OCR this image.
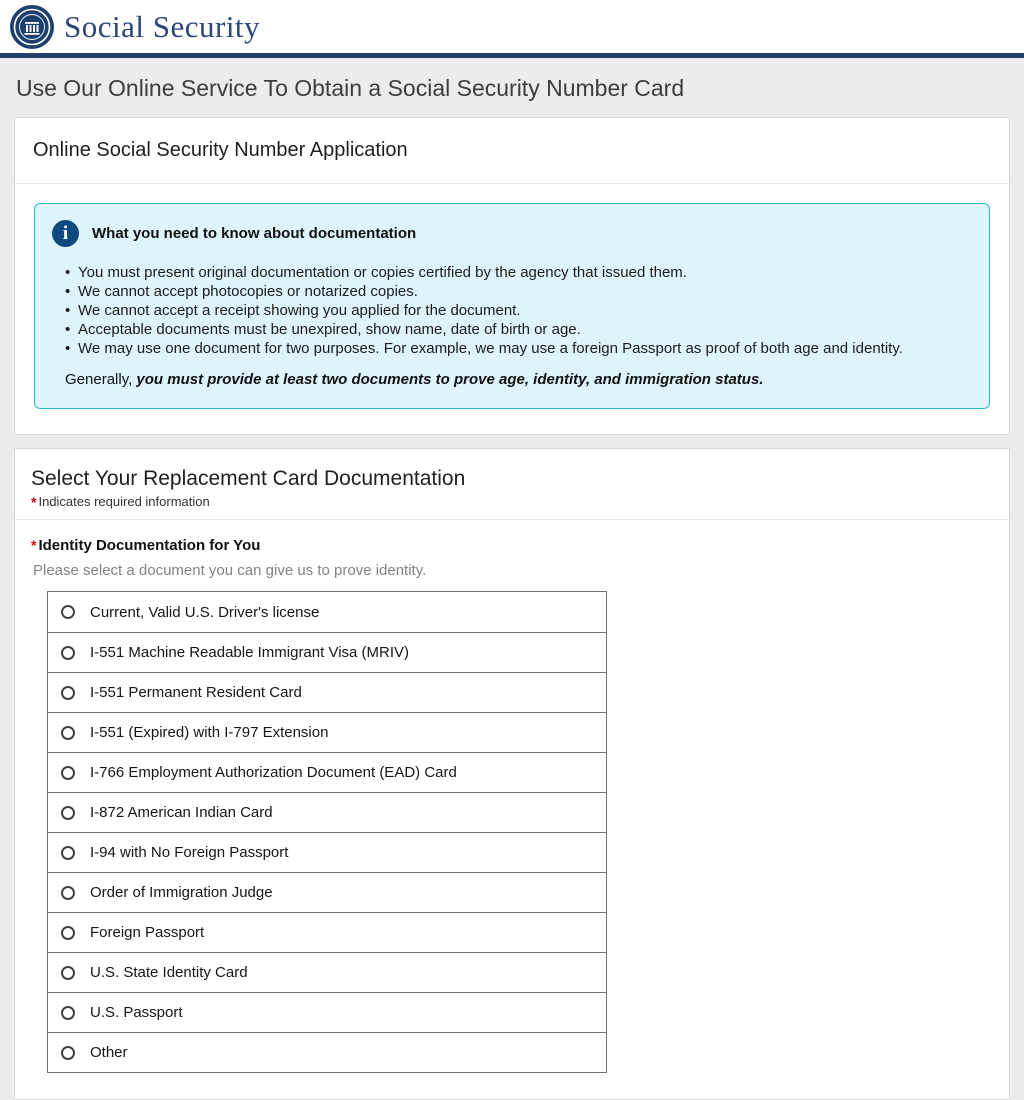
Social Security
Use Our Online Service To Obtain a Social Security Number Card
Online Social Security Number Application
i	What you need to know about documentation
• You must present original documentation or copies certified by the agency that issued them.
• We cannot accept photocopies or notarized copies.
• We cannot accept a receipt showing you applied for the document.
• Acceptable documents must be unexpired, show name, date of birth or age.
• We may use one document for two purposes. For example, we may use a foreign Passport as proof of both age and identity.

Generally, you must provide at least two documents to prove age, identity, and immigration status.

Select Your Replacement Card Documentation
* Indicates required information
* Identity Documentation for You
Please select a document you can give us to prove identity.
Current, Valid U.S. Driver's license
I-551 Machine Readable Immigrant Visa (MRIV)
I-551 Permanent Resident Card
I-551 (Expired) with I-797 Extension
I-766 Employment Authorization Document (EAD) Card
I-872 American Indian Card
I-94 with No Foreign Passport
Order of Immigration Judge
Foreign Passport
U.S. State Identity Card
U.S. Passport
Other
